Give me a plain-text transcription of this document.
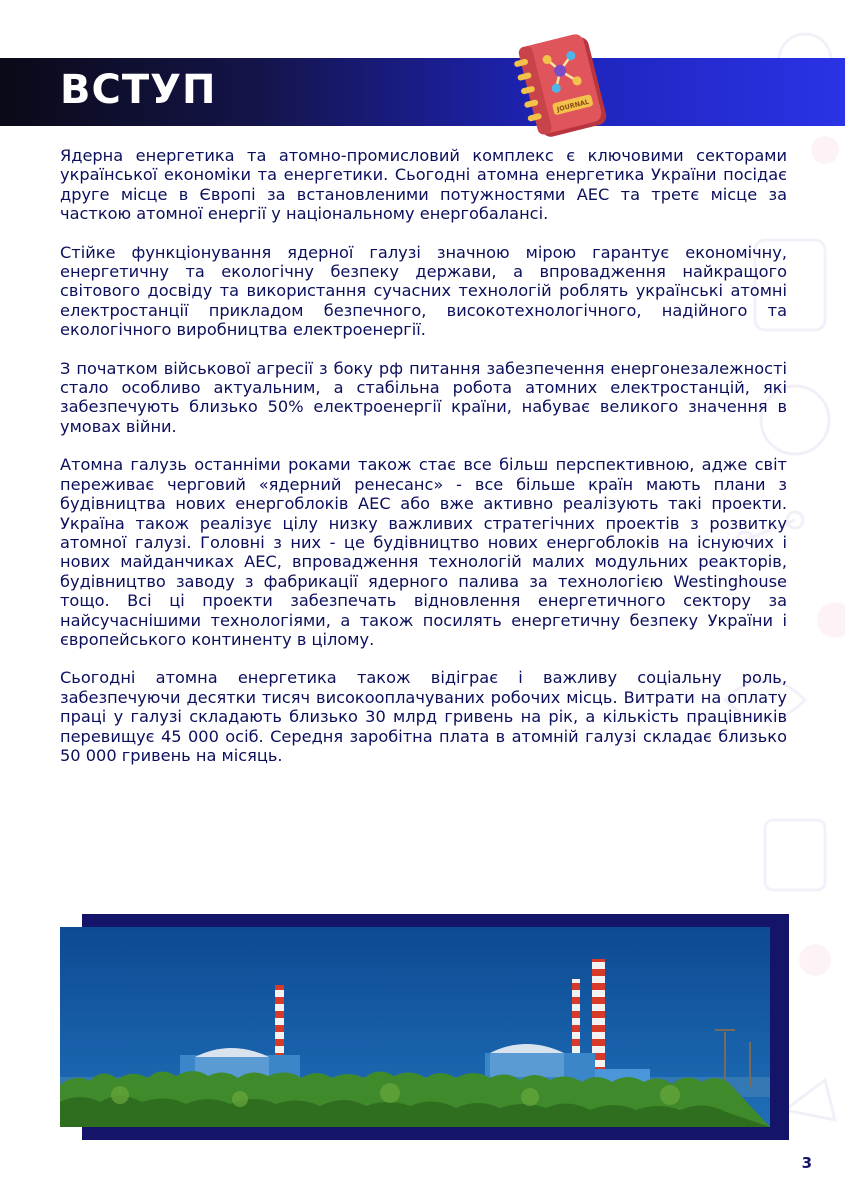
ВСТУП	JOURNAL

Ядерна енергетика та атомно-промисловий комплекс є ключовими секторами української економіки та енергетики. Сьогодні атомна енергетика України посідає друге місце в Європі за встановленими потужностями АЕС та третє місце за часткою атомної енергії у національному енергобалансі.

Стійке функціонування ядерної галузі значною мірою гарантує економічну, енергетичну та екологічну безпеку держави, а впровадження найкращого світового досвіду та використання сучасних технологій роблять українські атомні електростанції прикладом безпечного, високотехнологічного, надійного та екологічного виробництва електроенергії.

З початком військової агресії з боку рф питання забезпечення енергонезалежності стало особливо актуальним, а стабільна робота атомних електростанцій, які забезпечують близько 50% електроенергії країни, набуває великого значення в умовах війни.

Атомна галузь останніми роками також стає все більш перспективною, адже світ переживає черговий «ядерний ренесанс» - все більше країн мають плани з будівництва нових енергоблоків АЕС або вже активно реалізують такі проекти. Україна також реалізує цілу низку важливих стратегічних проектів з розвитку атомної галузі. Головні з них - це будівництво нових енергоблоків на існуючих і нових майданчиках АЕС, впровадження технологій малих модульних реакторів, будівництво заводу з фабрикації ядерного палива за технологією Westinghouse тощо. Всі ці проекти забезпечать відновлення енергетичного сектору за найсучаснішими технологіями, а також посилять енергетичну безпеку України і європейського континенту в цілому.

Сьогодні атомна енергетика також відіграє і важливу соціальну роль, забезпечуючи десятки тисяч високооплачуваних робочих місць. Витрати на оплату праці у галузі складають близько 30 млрд гривень на рік, а кількість працівників перевищує 45 000 осіб. Середня заробітна плата в атомній галузі складає близько 50 000 гривень на місяць.

3
